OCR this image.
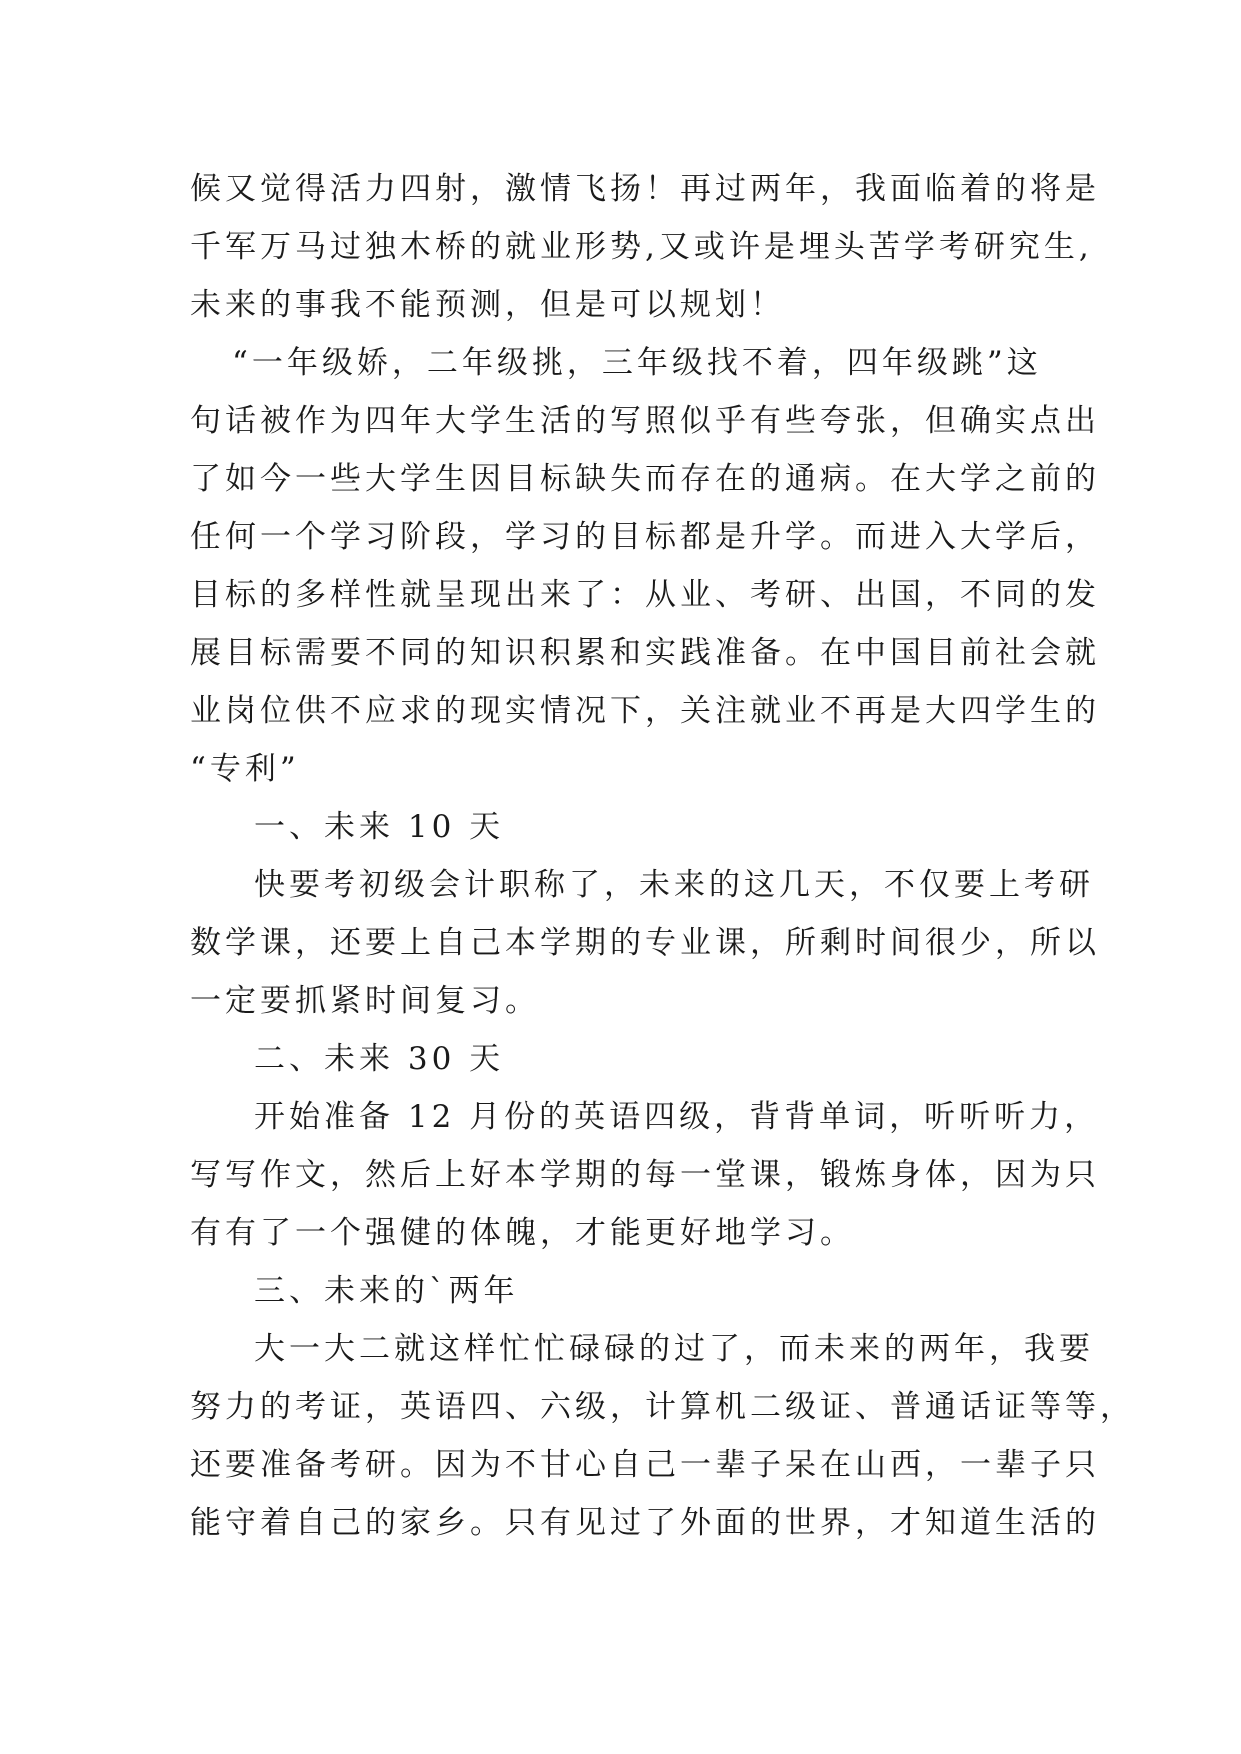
候又觉得活力四射，激情飞扬！再过两年，我面临着的将是
千军万马过独木桥的就业形势,又或许是埋头苦学考研究生,
未来的事我不能预测，但是可以规划！
“一年级娇，二年级挑，三年级找不着，四年级跳”这
句话被作为四年大学生活的写照似乎有些夸张，但确实点出
了如今一些大学生因目标缺失而存在的通病。在大学之前的
任何一个学习阶段，学习的目标都是升学。而进入大学后，
目标的多样性就呈现出来了：从业、考研、出国，不同的发
展目标需要不同的知识积累和实践准备。在中国目前社会就
业岗位供不应求的现实情况下，关注就业不再是大四学生的
“专利”
一、未来 10 天
快要考初级会计职称了，未来的这几天，不仅要上考研
数学课，还要上自己本学期的专业课，所剩时间很少，所以
一定要抓紧时间复习。
二、未来 30 天
开始准备 12 月份的英语四级，背背单词，听听听力，
写写作文，然后上好本学期的每一堂课，锻炼身体，因为只
有有了一个强健的体魄，才能更好地学习。
三、未来的`两年
大一大二就这样忙忙碌碌的过了，而未来的两年，我要
努力的考证，英语四、六级，计算机二级证、普通话证等等，
还要准备考研。因为不甘心自己一辈子呆在山西，一辈子只
能守着自己的家乡。只有见过了外面的世界，才知道生活的
